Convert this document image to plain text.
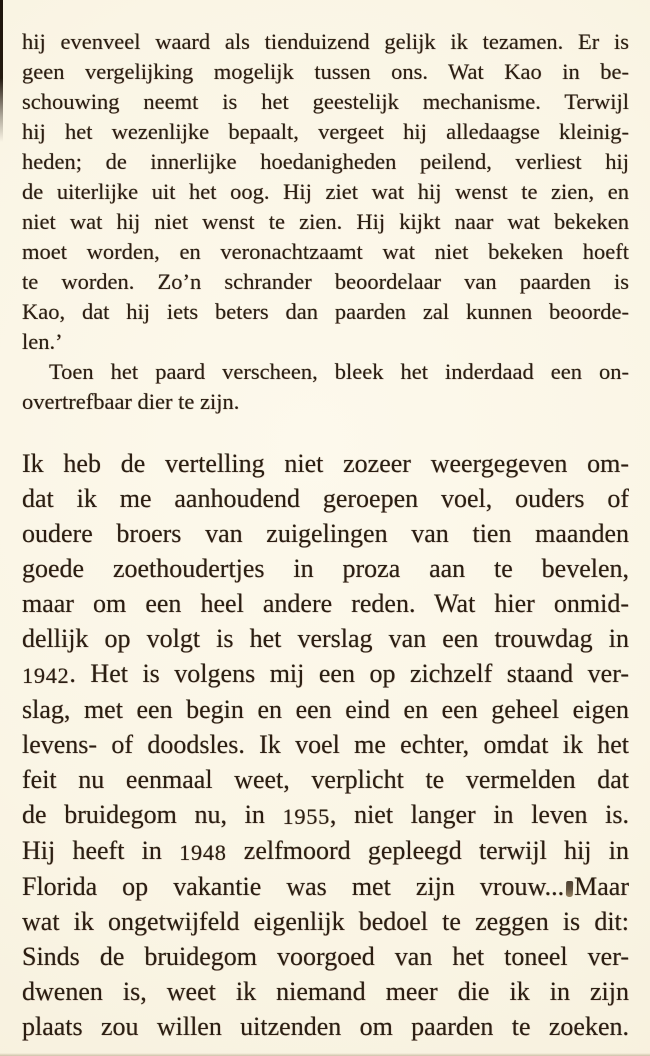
hij evenveel waard als tienduizend gelijk ik tezamen. Er is
geen vergelijking mogelijk tussen ons. Wat Kao in be-
schouwing neemt is het geestelijk mechanisme. Terwijl
hij het wezenlijke bepaalt, vergeet hij alledaagse kleinig-
heden; de innerlijke hoedanigheden peilend, verliest hij
de uiterlijke uit het oog. Hij ziet wat hij wenst te zien, en
niet wat hij niet wenst te zien. Hij kijkt naar wat bekeken
moet worden, en veronachtzaamt wat niet bekeken hoeft
te worden. Zo’n schrander beoordelaar van paarden is
Kao, dat hij iets beters dan paarden zal kunnen beoorde-
len.’
Toen het paard verscheen, bleek het inderdaad een on-
overtrefbaar dier te zijn.
Ik heb de vertelling niet zozeer weergegeven om-
dat ik me aanhoudend geroepen voel, ouders of
oudere broers van zuigelingen van tien maanden
goede zoethoudertjes in proza aan te bevelen,
maar om een heel andere reden. Wat hier onmid-
dellijk op volgt is het verslag van een trouwdag in
1942. Het is volgens mij een op zichzelf staand ver-
slag, met een begin en een eind en een geheel eigen
levens- of doodsles. Ik voel me echter, omdat ik het
feit nu eenmaal weet, verplicht te vermelden dat
de bruidegom nu, in 1955, niet langer in leven is.
Hij heeft in 1948 zelfmoord gepleegd terwijl hij in
Florida op vakantie was met zijn vrouw... Maar
wat ik ongetwijfeld eigenlijk bedoel te zeggen is dit:
Sinds de bruidegom voorgoed van het toneel ver-
dwenen is, weet ik niemand meer die ik in zijn
plaats zou willen uitzenden om paarden te zoeken.
